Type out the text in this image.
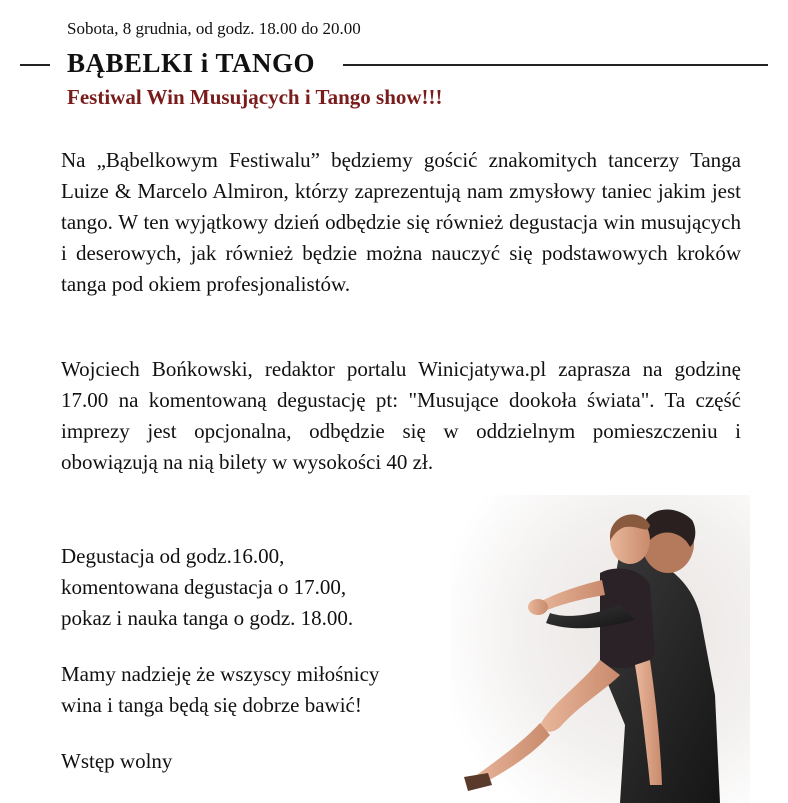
Sobota, 8 grudnia, od godz. 18.00 do 20.00
BĄBELKI i TANGO
Festiwal Win Musujących i Tango show!!!

Na „Bąbelkowym Festiwalu” będziemy gościć znakomitych tancerzy Tanga Luize & Marcelo Almiron, którzy zaprezentują nam zmysłowy taniec jakim jest tango. W ten wyjątkowy dzień odbędzie się również degustacja win musujących i deserowych, jak również będzie można nauczyć się podstawowych kroków tanga pod okiem profesjonalistów.

Wojciech Bońkowski, redaktor portalu Winicjatywa.pl zaprasza na godzinę 17.00 na komentowaną degustację pt: "Musujące dookoła świata". Ta część imprezy jest opcjonalna, odbędzie się w oddzielnym pomieszczeniu i obowiązują na nią bilety w wysokości 40 zł.

Degustacja od godz.16.00,
komentowana degustacja o 17.00,
pokaz i nauka tanga o godz. 18.00.
Mamy nadzieję że wszyscy miłośnicy
wina i tanga będą się dobrze bawić!
Wstęp wolny
